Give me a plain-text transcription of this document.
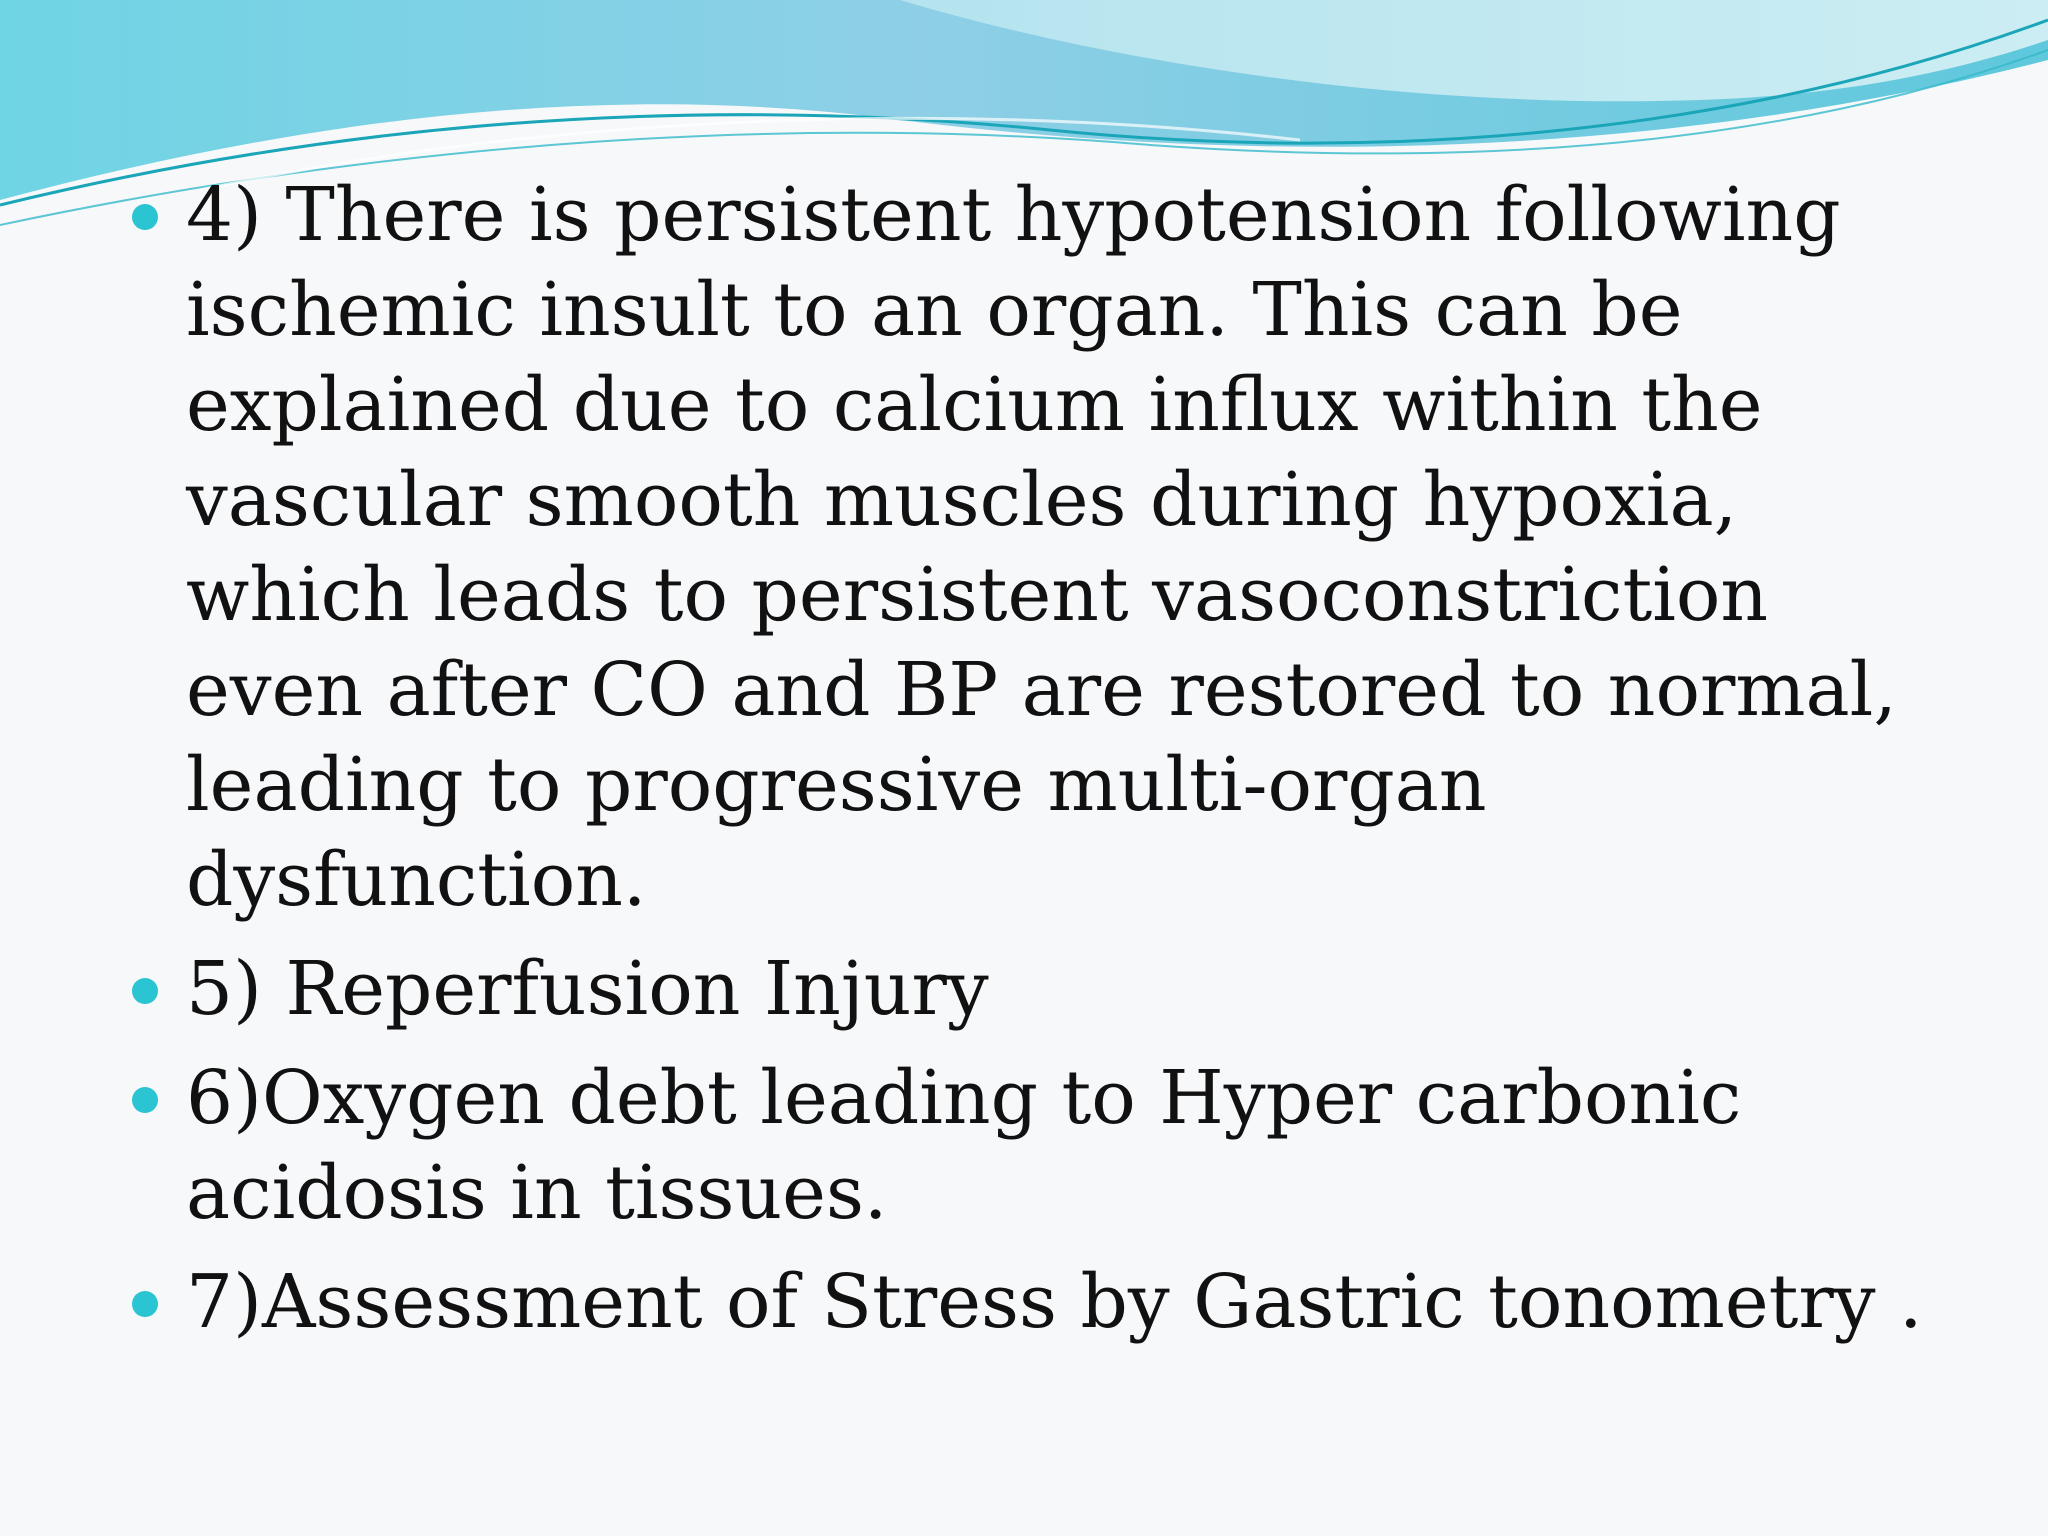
4) There is persistent hypotension following ischemic insult to an organ. This can be explained due to calcium influx within the vascular smooth muscles during hypoxia, which leads to persistent vasoconstriction even after CO and BP are restored to normal, leading to progressive multi-organ dysfunction.
5) Reperfusion Injury
6)Oxygen debt leading to Hyper carbonic acidosis in tissues.
7)Assessment of Stress by Gastric tonometry .
